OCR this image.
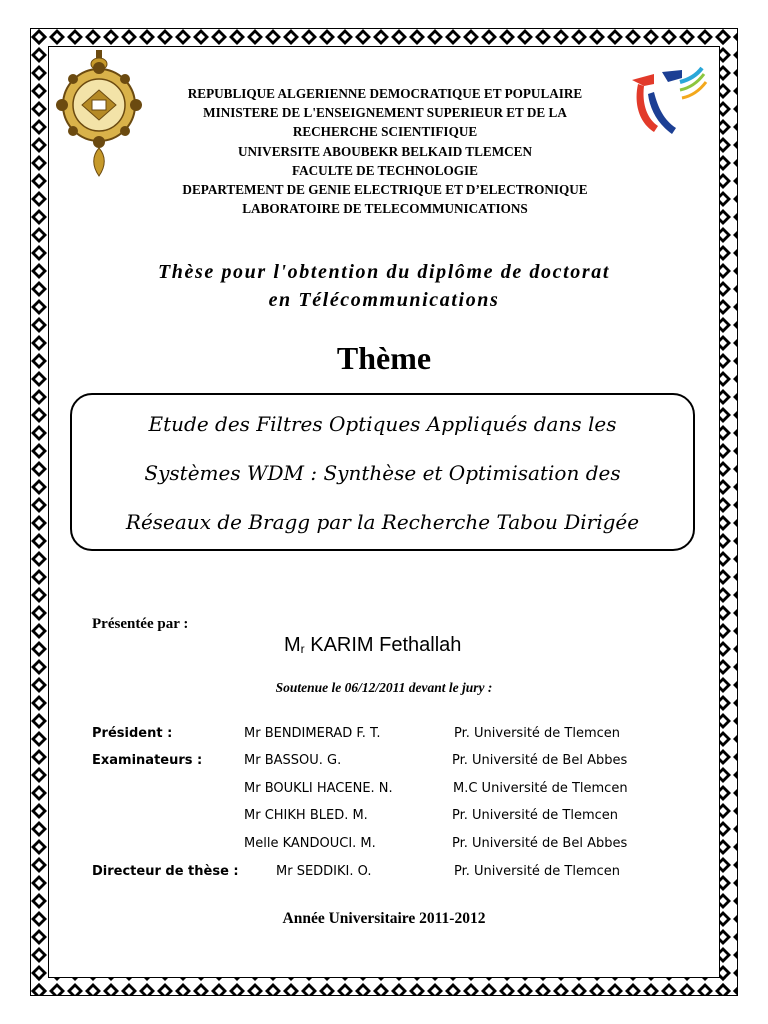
REPUBLIQUE ALGERIENNE DEMOCRATIQUE ET POPULAIRE
MINISTERE DE L'ENSEIGNEMENT SUPERIEUR ET DE LA
RECHERCHE SCIENTIFIQUE
UNIVERSITE ABOUBEKR BELKAID TLEMCEN
FACULTE DE TECHNOLOGIE
DEPARTEMENT DE GENIE ELECTRIQUE ET D’ELECTRONIQUE
LABORATOIRE DE TELECOMMUNICATIONS
Thèse pour l'obtention du diplôme de doctorat
en Télécommunications
Thème
Etude des Filtres Optiques Appliqués dans les
Systèmes WDM : Synthèse et Optimisation des
Réseaux de Bragg par la Recherche Tabou Dirigée
Présentée par :
Mr KARIM Fethallah
Soutenue le 06/12/2011 devant le jury :
Président :	Mr BENDIMERAD F. T.	Pr. Université de Tlemcen
Examinateurs :	Mr BASSOU. G.	Pr. Université de Bel Abbes
Mr BOUKLI HACENE. N.	M.C Université de Tlemcen
Mr CHIKH BLED. M.	Pr. Université de Tlemcen
Melle KANDOUCI. M.	Pr. Université de Bel Abbes
Directeur de thèse :	Mr SEDDIKI. O.	Pr. Université de Tlemcen
Année Universitaire 2011-2012
